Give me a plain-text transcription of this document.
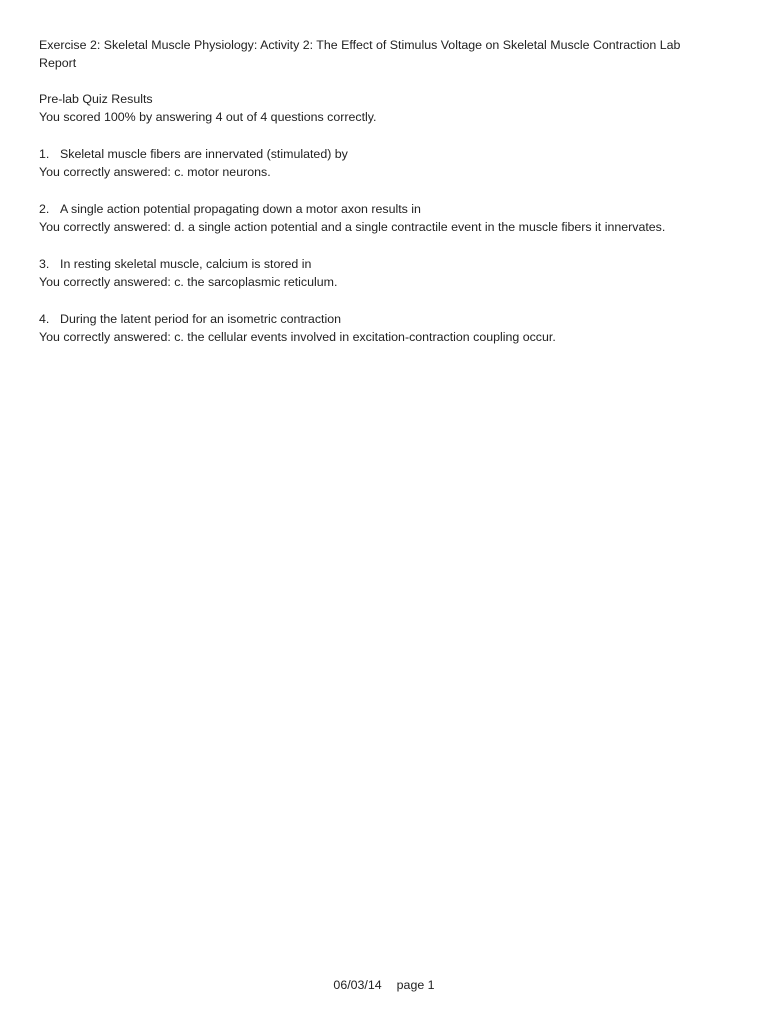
Exercise 2: Skeletal Muscle Physiology: Activity 2: The Effect of Stimulus Voltage on Skeletal Muscle Contraction Lab Report
Pre-lab Quiz Results
You scored 100% by answering 4 out of 4 questions correctly.
1. Skeletal muscle fibers are innervated (stimulated) by
You correctly answered: c. motor neurons.
2. A single action potential propagating down a motor axon results in
You correctly answered: d. a single action potential and a single contractile event in the muscle fibers it innervates.
3. In resting skeletal muscle, calcium is stored in
You correctly answered: c. the sarcoplasmic reticulum.
4. During the latent period for an isometric contraction
You correctly answered: c. the cellular events involved in excitation-contraction coupling occur.
06/03/14 page 1
